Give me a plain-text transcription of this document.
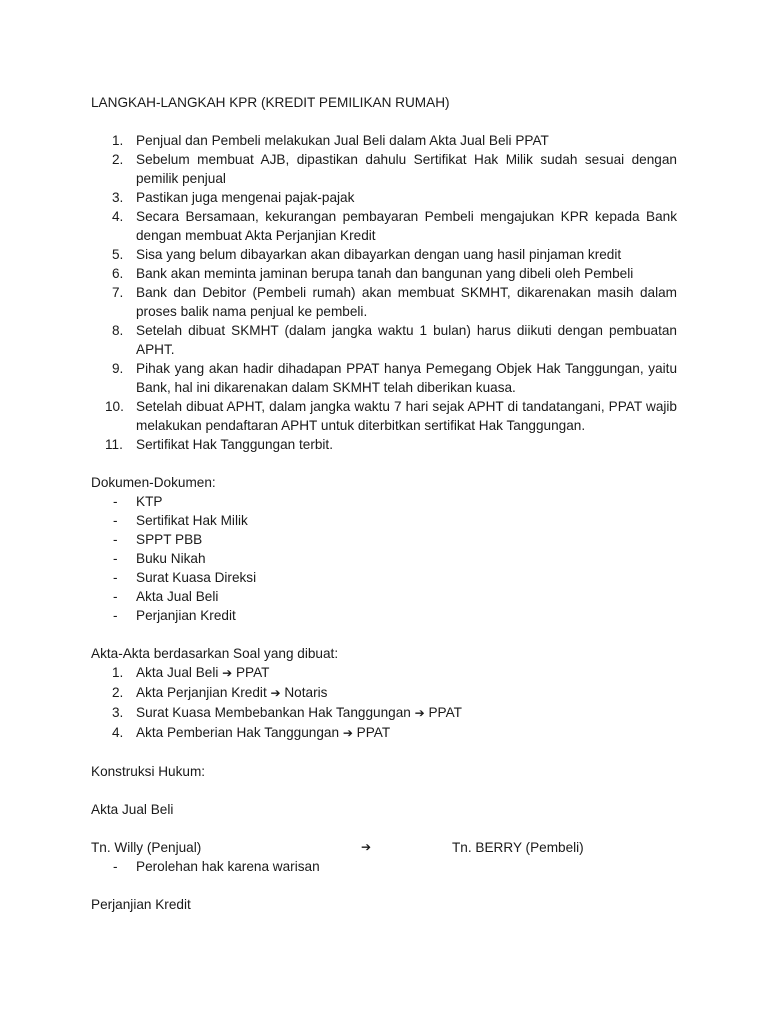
LANGKAH-LANGKAH KPR (KREDIT PEMILIKAN RUMAH)

1. Penjual dan Pembeli melakukan Jual Beli dalam Akta Jual Beli PPAT
2. Sebelum membuat AJB, dipastikan dahulu Sertifikat Hak Milik sudah sesuai dengan pemilik penjual
3. Pastikan juga mengenai pajak-pajak
4. Secara Bersamaan, kekurangan pembayaran Pembeli mengajukan KPR kepada Bank dengan membuat Akta Perjanjian Kredit
5. Sisa yang belum dibayarkan akan dibayarkan dengan uang hasil pinjaman kredit
6. Bank akan meminta jaminan berupa tanah dan bangunan yang dibeli oleh Pembeli
7. Bank dan Debitor (Pembeli rumah) akan membuat SKMHT, dikarenakan masih dalam proses balik nama penjual ke pembeli.
8. Setelah dibuat SKMHT (dalam jangka waktu 1 bulan) harus diikuti dengan pembuatan APHT.
9. Pihak yang akan hadir dihadapan PPAT hanya Pemegang Objek Hak Tanggungan, yaitu Bank, hal ini dikarenakan dalam SKMHT telah diberikan kuasa.
10. Setelah dibuat APHT, dalam jangka waktu 7 hari sejak APHT di tandatangani, PPAT wajib melakukan pendaftaran APHT untuk diterbitkan sertifikat Hak Tanggungan.
11. Sertifikat Hak Tanggungan terbit.

Dokumen-Dokumen:

- KTP
- Sertifikat Hak Milik
- SPPT PBB
- Buku Nikah
- Surat Kuasa Direksi
- Akta Jual Beli
- Perjanjian Kredit

Akta-Akta berdasarkan Soal yang dibuat:

1. Akta Jual Beli ➔ PPAT
2. Akta Perjanjian Kredit ➔ Notaris
3. Surat Kuasa Membebankan Hak Tanggungan ➔ PPAT
4. Akta Pemberian Hak Tanggungan ➔ PPAT

Konstruksi Hukum:

Akta Jual Beli

Tn. Willy (Penjual)	➔	Tn. BERRY (Pembeli)
- Perolehan hak karena warisan

Perjanjian Kredit
